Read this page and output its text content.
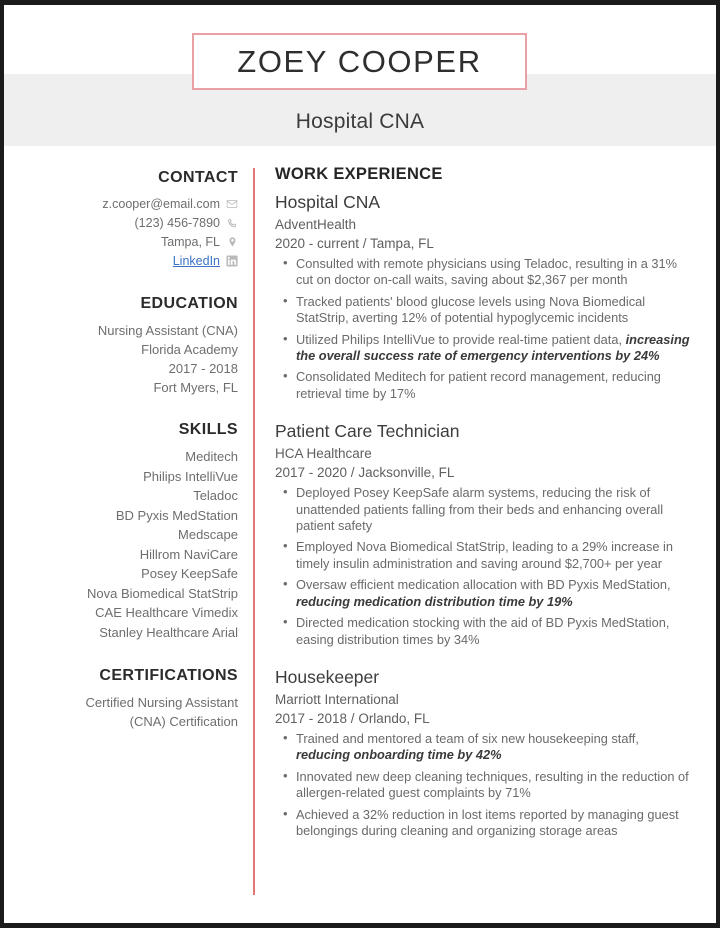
ZOEY COOPER
Hospital CNA
CONTACT
z.cooper@email.com
(123) 456-7890
Tampa, FL
LinkedIn
EDUCATION
Nursing Assistant (CNA)
Florida Academy
2017 - 2018
Fort Myers, FL
SKILLS
Meditech
Philips IntelliVue
Teladoc
BD Pyxis MedStation
Medscape
Hillrom NaviCare
Posey KeepSafe
Nova Biomedical StatStrip
CAE Healthcare Vimedix
Stanley Healthcare Arial
CERTIFICATIONS
Certified Nursing Assistant
(CNA) Certification
WORK EXPERIENCE
Hospital CNA
AdventHealth
2020 - current / Tampa, FL
• Consulted with remote physicians using Teladoc, resulting in a 31% cut on doctor on-call waits, saving about $2,367 per month
• Tracked patients' blood glucose levels using Nova Biomedical StatStrip, averting 12% of potential hypoglycemic incidents
• Utilized Philips IntelliVue to provide real-time patient data, increasing the overall success rate of emergency interventions by 24%
• Consolidated Meditech for patient record management, reducing retrieval time by 17%
Patient Care Technician
HCA Healthcare
2017 - 2020 / Jacksonville, FL
• Deployed Posey KeepSafe alarm systems, reducing the risk of unattended patients falling from their beds and enhancing overall patient safety
• Employed Nova Biomedical StatStrip, leading to a 29% increase in timely insulin administration and saving around $2,700+ per year
• Oversaw efficient medication allocation with BD Pyxis MedStation, reducing medication distribution time by 19%
• Directed medication stocking with the aid of BD Pyxis MedStation, easing distribution times by 34%
Housekeeper
Marriott International
2017 - 2018 / Orlando, FL
• Trained and mentored a team of six new housekeeping staff, reducing onboarding time by 42%
• Innovated new deep cleaning techniques, resulting in the reduction of allergen-related guest complaints by 71%
• Achieved a 32% reduction in lost items reported by managing guest belongings during cleaning and organizing storage areas
